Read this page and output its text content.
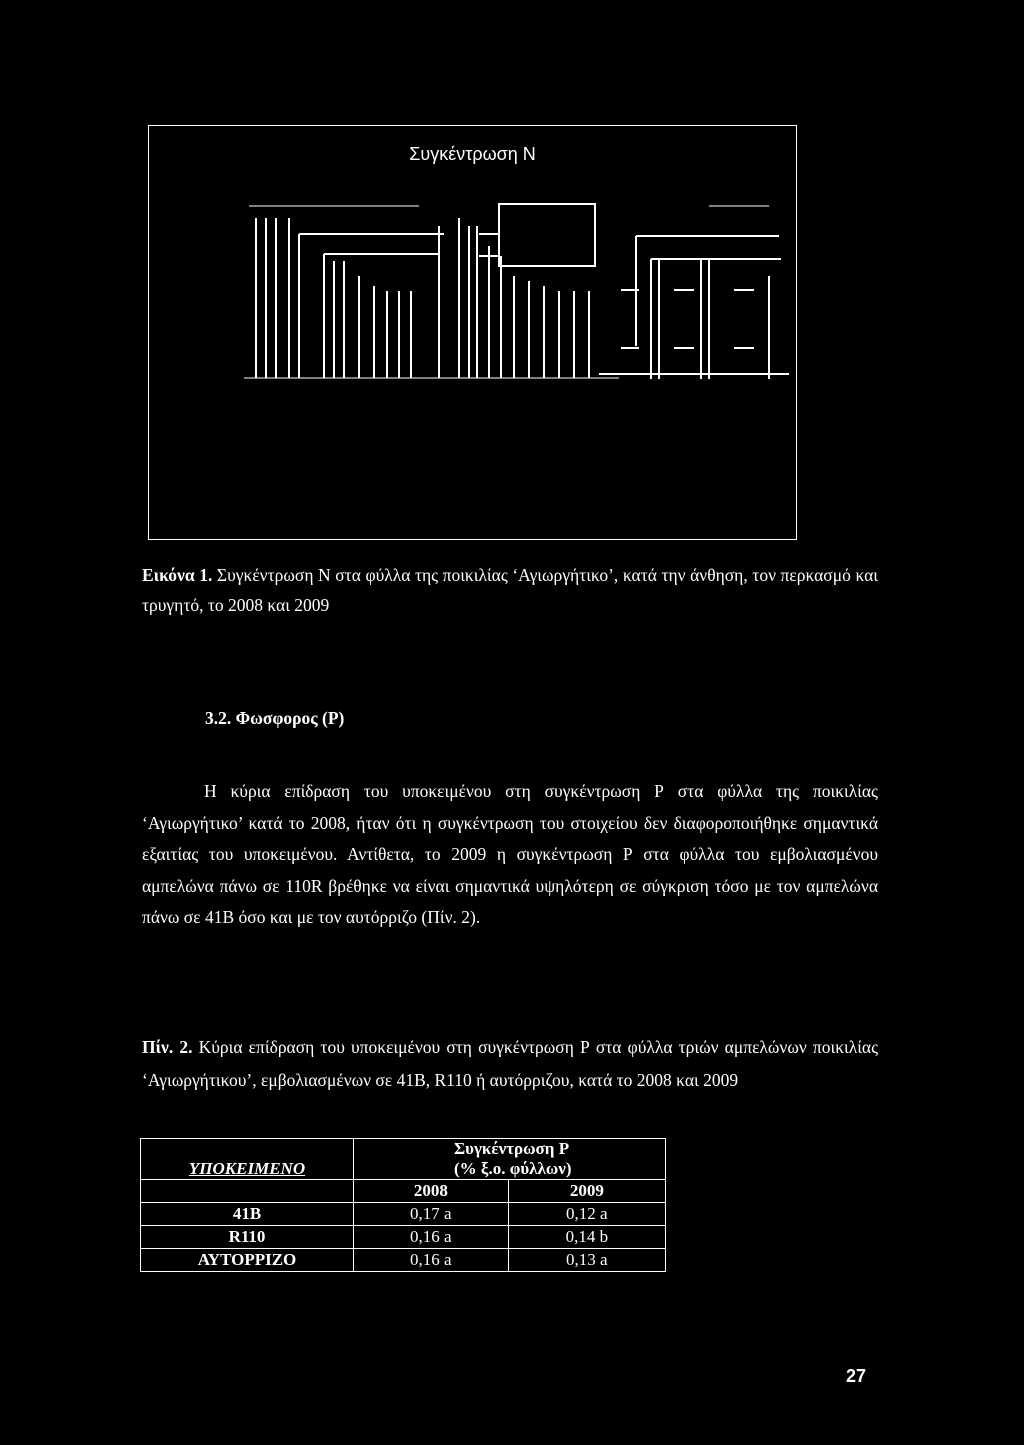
Συγκέντρωση Ν
Εικόνα 1. Συγκέντρωση Ν στα φύλλα της ποικιλίας ‘Αγιωργήτικο’, κατά την άνθηση, τον περκασμό και τρυγητό, το 2008 και 2009
3.2. Φωσφορος (Ρ)
Η κύρια επίδραση του υποκειμένου στη συγκέντρωση Ρ στα φύλλα της ποικιλίας ‘Αγιωργήτικο’ κατά το 2008, ήταν ότι η συγκέντρωση του στοιχείου δεν διαφοροποιήθηκε σημαντικά εξαιτίας του υποκειμένου. Αντίθετα, το 2009 η συγκέντρωση Ρ στα φύλλα του εμβολιασμένου αμπελώνα πάνω σε 110R βρέθηκε να είναι σημαντικά υψηλότερη σε σύγκριση τόσο με τον αμπελώνα πάνω σε 41Β όσο και με τον αυτόρριζο (Πίν. 2).
Πίν. 2. Κύρια επίδραση του υποκειμένου στη συγκέντρωση Ρ στα φύλλα τριών αμπελώνων ποικιλίας ‘Αγιωργήτικου’, εμβολιασμένων σε 41Β, R110 ή αυτόρριζου, κατά το 2008 και 2009
ΥΠΟΚΕΙΜΕΝΟ	Συγκέντρωση Ρ
(% ξ.ο. φύλλων)	

	2008	2009
41Β	0,17 a	0,12 a
R110	0,16 a	0,14 b
ΑΥΤΟΡΡΙΖΟ	0,16 a	0,13 a
27
